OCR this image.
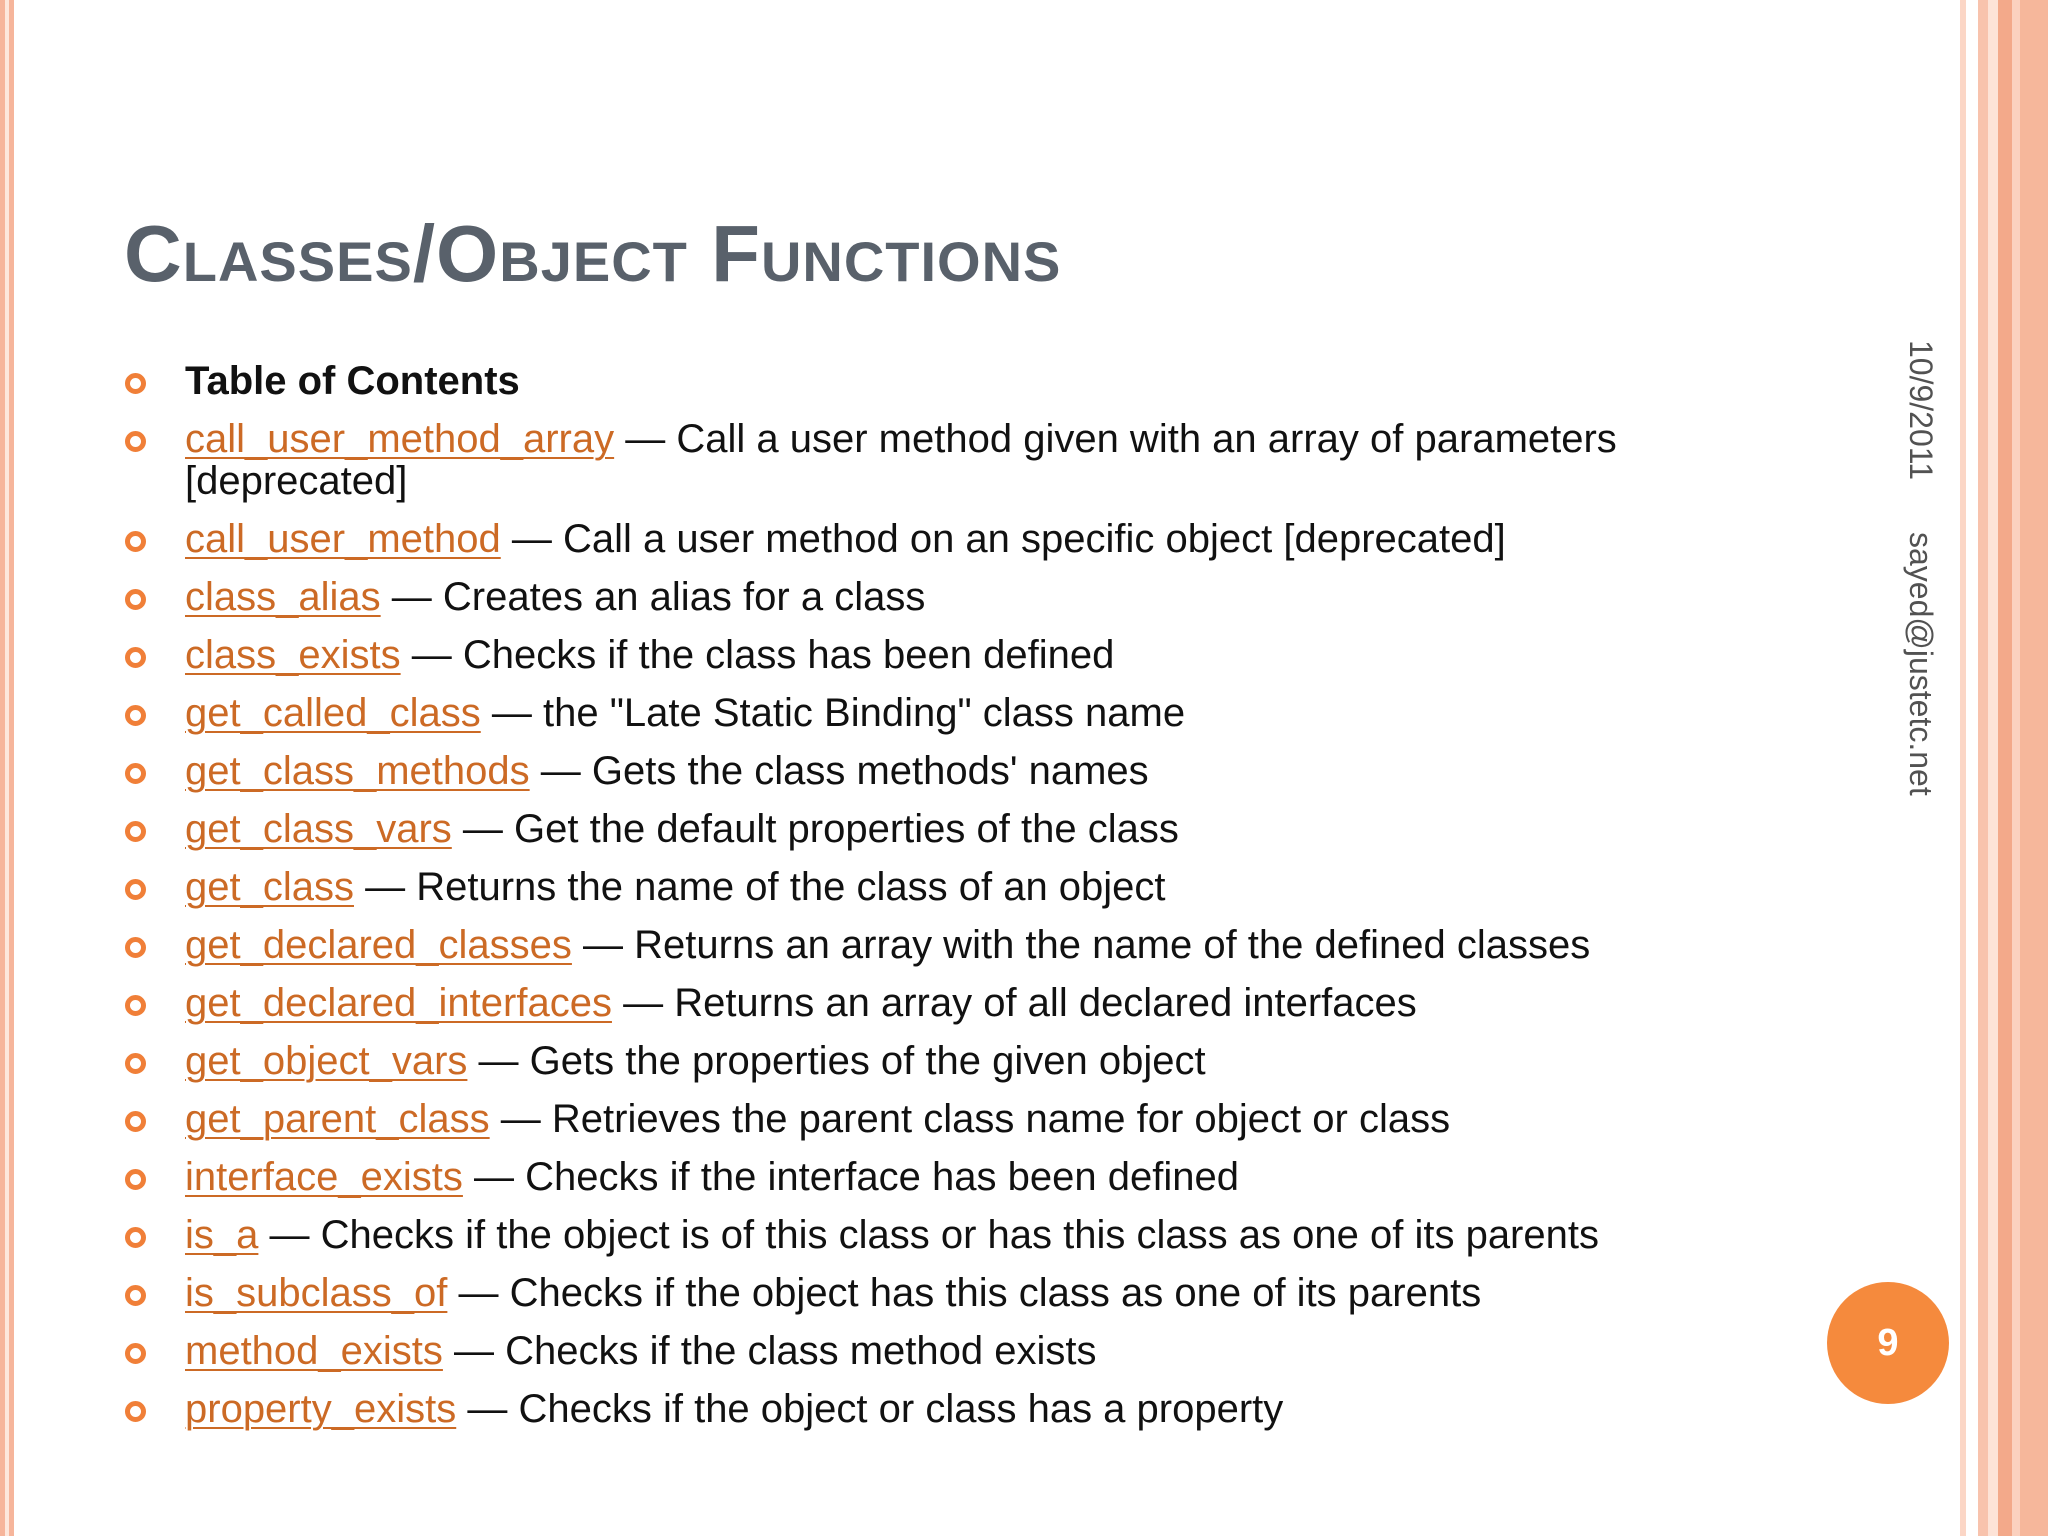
Classes/Object Functions
10/9/2011sayed@justetc.net
Table of Contents
call_user_method_array — Call a user method given with an array of parameters [deprecated]
call_user_method — Call a user method on an specific object [deprecated]
class_alias — Creates an alias for a class
class_exists — Checks if the class has been defined
get_called_class — the "Late Static Binding" class name
get_class_methods — Gets the class methods' names
get_class_vars — Get the default properties of the class
get_class — Returns the name of the class of an object
get_declared_classes — Returns an array with the name of the defined classes
get_declared_interfaces — Returns an array of all declared interfaces
get_object_vars — Gets the properties of the given object
get_parent_class — Retrieves the parent class name for object or class
interface_exists — Checks if the interface has been defined
is_a — Checks if the object is of this class or has this class as one of its parents
is_subclass_of — Checks if the object has this class as one of its parents
method_exists — Checks if the class method exists
property_exists — Checks if the object or class has a property
9
